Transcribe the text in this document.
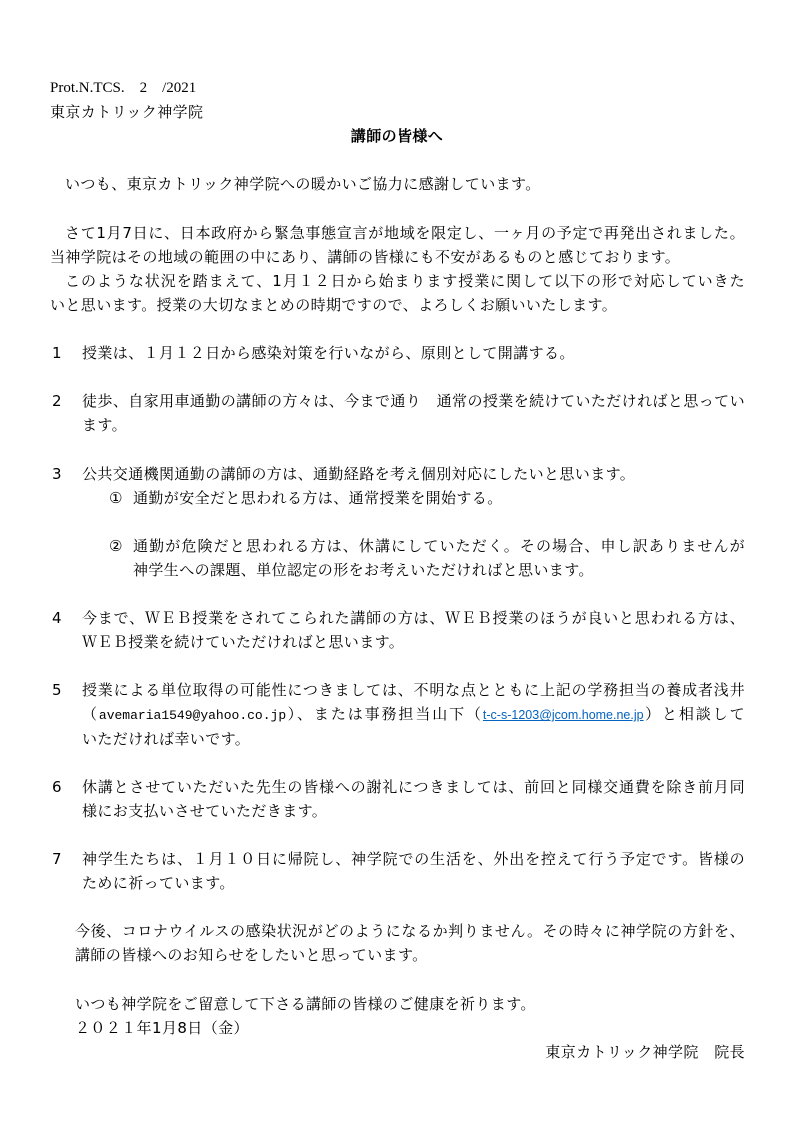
Prot.N.TCS.　2　/2021
東京カトリック神学院
講師の皆様へ
いつも、東京カトリック神学院への暖かいご協力に感謝しています。
さて1月7日に、日本政府から緊急事態宣言が地域を限定し、一ヶ月の予定で再発出されました。
当神学院はその地域の範囲の中にあり、講師の皆様にも不安があるものと感じております。
このような状況を踏まえて、1月１２日から始まります授業に関して以下の形で対応していきた
いと思います。授業の大切なまとめの時期ですので、よろしくお願いいたします。
1 授業は、１月１２日から感染対策を行いながら、原則として開講する。
2 徒歩、自家用車通勤の講師の方々は、今まで通り　通常の授業を続けていただければと思ってい
ます。
3 公共交通機関通勤の講師の方は、通勤経路を考え個別対応にしたいと思います。
① 通勤が安全だと思われる方は、通常授業を開始する。
② 通勤が危険だと思われる方は、休講にしていただく。その場合、申し訳ありませんが
神学生への課題、単位認定の形をお考えいただければと思います。
4 今まで、ＷＥＢ授業をされてこられた講師の方は、ＷＥＢ授業のほうが良いと思われる方は、
ＷＥＢ授業を続けていただければと思います。
5 授業による単位取得の可能性につきましては、不明な点とともに上記の学務担当の養成者浅井
（avemaria1549@yahoo.co.jp）、または事務担当山下（t-c-s-1203@jcom.home.ne.jp）と相談して
いただければ幸いです。
6 休講とさせていただいた先生の皆様への謝礼につきましては、前回と同様交通費を除き前月同
様にお支払いさせていただきます。
7 神学生たちは、１月１０日に帰院し、神学院での生活を、外出を控えて行う予定です。皆様の
ために祈っています。
今後、コロナウイルスの感染状況がどのようになるか判りません。その時々に神学院の方針を、
講師の皆様へのお知らせをしたいと思っています。
いつも神学院をご留意して下さる講師の皆様のご健康を祈ります。
２０２１年1月8日（金）
東京カトリック神学院　院長
